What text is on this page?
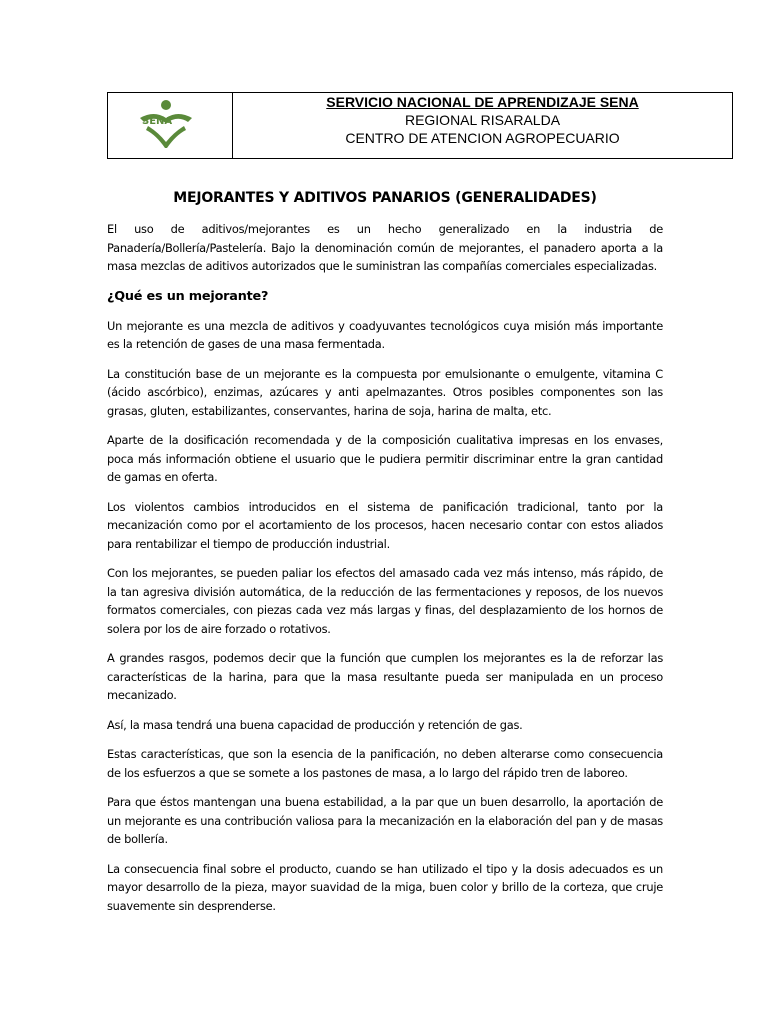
SENA
SERVICIO NACIONAL DE APRENDIZAJE SENA
REGIONAL RISARALDA
CENTRO DE ATENCION AGROPECUARIO

MEJORANTES Y ADITIVOS PANARIOS (GENERALIDADES)

El uso de aditivos/mejorantes es un hecho generalizado en la industria de Panadería/Bollería/Pastelería. Bajo la denominación común de mejorantes, el panadero aporta a la masa mezclas de aditivos autorizados que le suministran las compañías comerciales especializadas.

¿Qué es un mejorante?

Un mejorante es una mezcla de aditivos y coadyuvantes tecnológicos cuya misión más importante es la retención de gases de una masa fermentada.

La constitución base de un mejorante es la compuesta por emulsionante o emulgente, vitamina C (ácido ascórbico), enzimas, azúcares y anti apelmazantes. Otros posibles componentes son las grasas, gluten, estabilizantes, conservantes, harina de soja, harina de malta, etc.

Aparte de la dosificación recomendada y de la composición cualitativa impresas en los envases, poca más información obtiene el usuario que le pudiera permitir discriminar entre la gran cantidad de gamas en oferta.

Los violentos cambios introducidos en el sistema de panificación tradicional, tanto por la mecanización como por el acortamiento de los procesos, hacen necesario contar con estos aliados para rentabilizar el tiempo de producción industrial.

Con los mejorantes, se pueden paliar los efectos del amasado cada vez más intenso, más rápido, de la tan agresiva división automática, de la reducción de las fermentaciones y reposos, de los nuevos formatos comerciales, con piezas cada vez más largas y finas, del desplazamiento de los hornos de solera por los de aire forzado o rotativos.

A grandes rasgos, podemos decir que la función que cumplen los mejorantes es la de reforzar las características de la harina, para que la masa resultante pueda ser manipulada en un proceso mecanizado.

Así, la masa tendrá una buena capacidad de producción y retención de gas.

Estas características, que son la esencia de la panificación, no deben alterarse como consecuencia de los esfuerzos a que se somete a los pastones de masa, a lo largo del rápido tren de laboreo.

Para que éstos mantengan una buena estabilidad, a la par que un buen desarrollo, la aportación de un mejorante es una contribución valiosa para la mecanización en la elaboración del pan y de masas de bollería.

La consecuencia final sobre el producto, cuando se han utilizado el tipo y la dosis adecuados es un mayor desarrollo de la pieza, mayor suavidad de la miga, buen color y brillo de la corteza, que cruje suavemente sin desprenderse.
